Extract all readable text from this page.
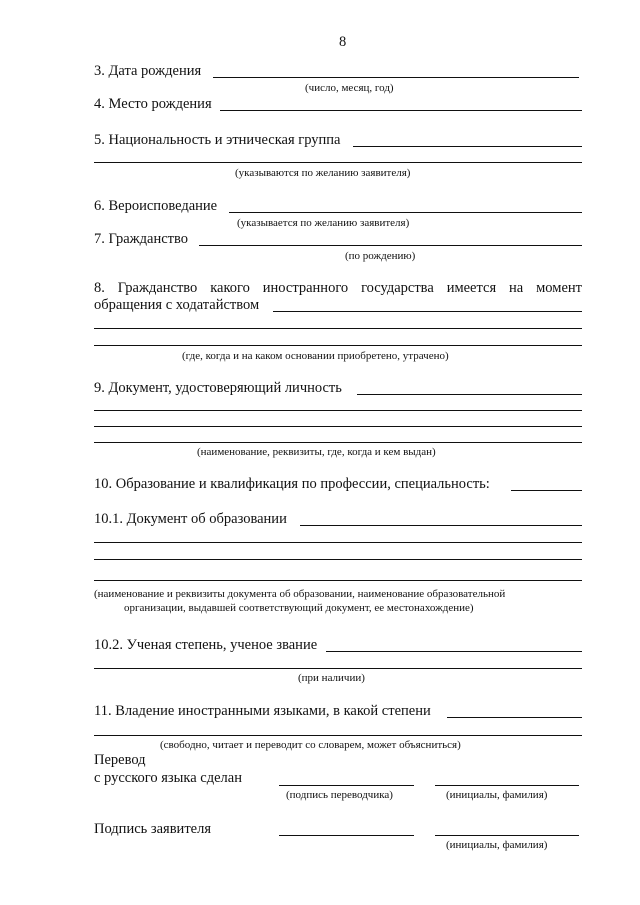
8
3. Дата рождения
(число, месяц, год)
4. Место рождения
5. Национальность и этническая группа
(указываются по желанию заявителя)
6. Вероисповедание
(указывается по желанию заявителя)
7. Гражданство
(по рождению)
8. Гражданство какого иностранного государства имеется на момент
обращения с ходатайством
(где, когда и на каком основании приобретено, утрачено)
9. Документ, удостоверяющий личность
(наименование, реквизиты, где, когда и кем выдан)
10. Образование и квалификация по профессии, специальность:
10.1. Документ об образовании
(наименование и реквизиты документа об образовании, наименование образовательной
организации, выдавшей соответствующий документ, ее местонахождение)
10.2. Ученая степень, ученое звание
(при наличии)
11. Владение иностранными языками, в какой степени
(свободно, читает и переводит со словарем, может объясниться)
Перевод
с русского языка сделан
(подпись переводчика)	(инициалы, фамилия)
Подпись заявителя
(инициалы, фамилия)
